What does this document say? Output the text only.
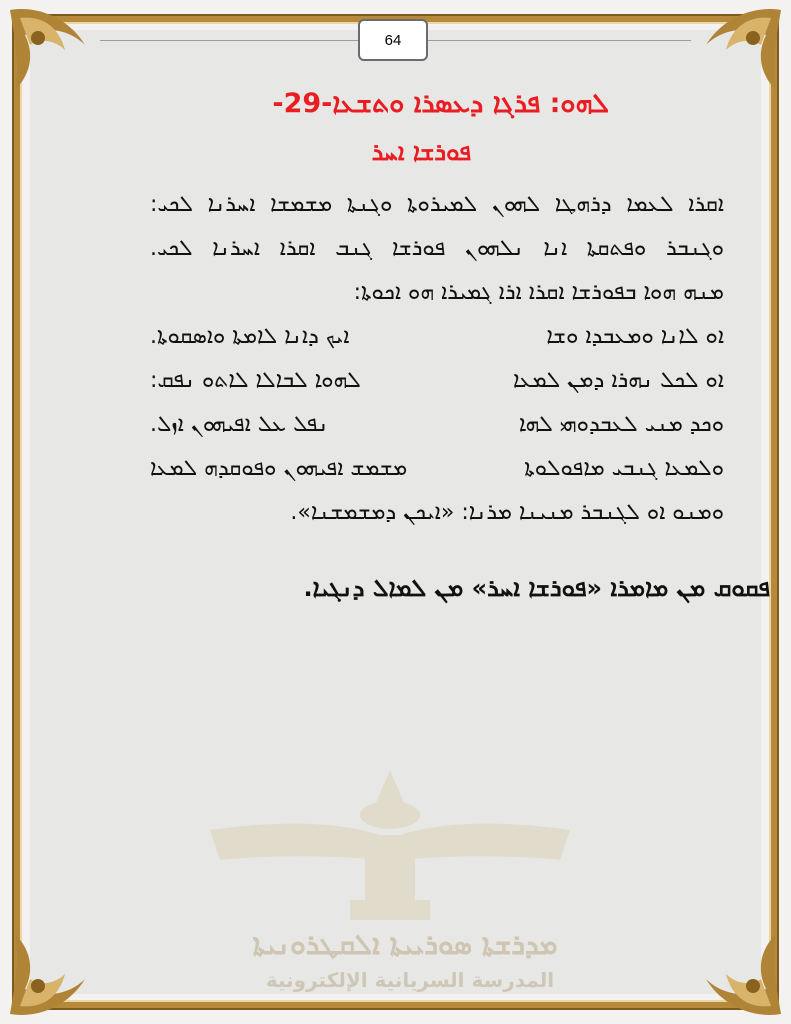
64
ܠܗܘ: ܦܪܓܐ ܕܥܣܪܐ ܘܬܫܥܐ-29-
ܦܘܪܫܐ ܐܚܪ
ܐܩܪܐ ܠܥܡܐ ܕܪܗܛܐ ܠܗܘܢ ܠܡܝܪܘܬܐ ܘܓܢܬܐ ܡܫܡܫܐ ܐܚܪܢܐ ܠܟܝ:
ܘܓܢܒܪ ܘܦܬܩܬܐ ܐܢܐ ܢܠܗܘܢ ܦܘܪܫܐ ܓܢܒ ܐܩܪܐ ܐܚܪܢܐ ܠܟܝ.
ܡܢܗ ܗܘܐ ܒܦܘܪܫܐ ܐܩܪܐ ܐܪܐ ܓܡܝܪܐ ܗܘ ܐܟܘܬܐ:
ܐܘ ܠܐܢܐ ܘܡܥܒܕܐ ܘܫܐ
ܐܝܟ ܕܐܢܐ ܠܐܡܬܐ ܘܐܣܩܘܬܐ.
ܐܘ ܠܟܠ ܢܗܪܐ ܕܡܢ ܠܡܥܐ
ܠܗܘܐ ܠܒܐܠܐ ܠܐܬܘ ܢܦܩ:
ܘܟܕ ܡܢܝ ܠܥܒܕܘܗܝ ܠܗܐ
ܢܦܠ ܥܠ ܐܦܝܗܘܢ ܐܙܠ.
ܘܠܡܥܐ ܓܢܒܝ ܡܐܦܘܠܘܬܐ
ܡܫܡܫ ܐܦܝܗܘܢ ܘܦܘܩܕܗ ܠܡܥܐ
ܘܡܢܘ ܐܘ ܠܓܢܒܪ ܡܢܝܢܐ ܡܪܢܐ: «ܐܝܟܢ ܕܡܫܡܫܢܐ».
ܦܩܘܩ ܡܢ ܡܐܡܪܐ «ܦܘܪܫܐ ܐܚܪ» ܡܢ ܠܡܐܠ ܕܢܓܝܐ.
ܡܕܪܫܬܐ ܣܘܪܝܝܬܐ ܐܠܩܛܪܘܢܝܬܐ
المدرسة السريانية الإلكترونية
